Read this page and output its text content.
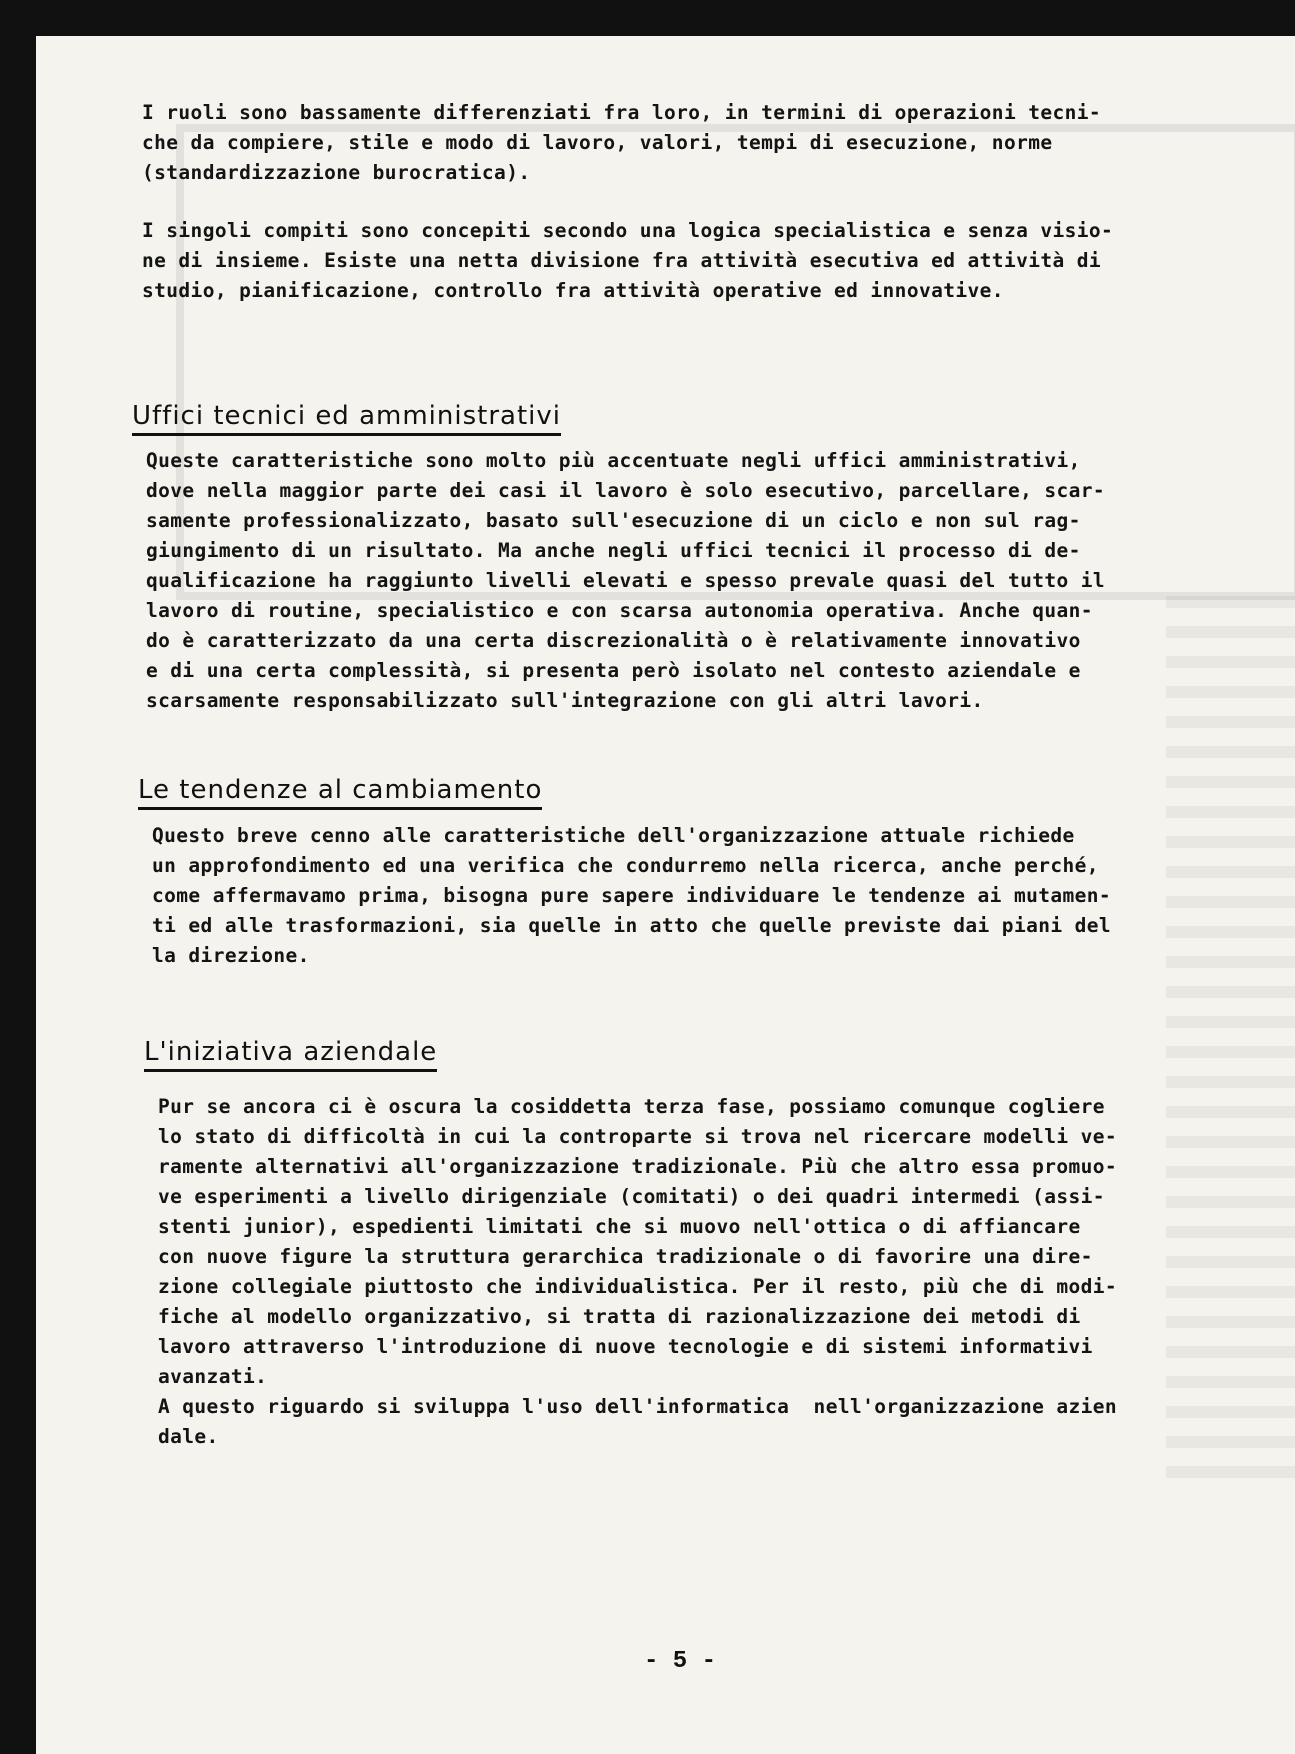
I ruoli sono bassamente differenziati fra loro, in termini di operazioni tecni-
che da compiere, stile e modo di lavoro, valori, tempi di esecuzione, norme
(standardizzazione burocratica).
I singoli compiti sono concepiti secondo una logica specialistica e senza visio-
ne di insieme. Esiste una netta divisione fra attività esecutiva ed attività di
studio, pianificazione, controllo fra attività operative ed innovative.
Uffici tecnici ed amministrativi
Queste caratteristiche sono molto più accentuate negli uffici amministrativi,
dove nella maggior parte dei casi il lavoro è solo esecutivo, parcellare, scar-
samente professionalizzato, basato sull'esecuzione di un ciclo e non sul rag-
giungimento di un risultato. Ma anche negli uffici tecnici il processo di de-
qualificazione ha raggiunto livelli elevati e spesso prevale quasi del tutto il
lavoro di routine, specialistico e con scarsa autonomia operativa. Anche quan-
do è caratterizzato da una certa discrezionalità o è relativamente innovativo
e di una certa complessità, si presenta però isolato nel contesto aziendale e
scarsamente responsabilizzato sull'integrazione con gli altri lavori.
Le tendenze al cambiamento
Questo breve cenno alle caratteristiche dell'organizzazione attuale richiede
un approfondimento ed una verifica che condurremo nella ricerca, anche perché,
come affermavamo prima, bisogna pure sapere individuare le tendenze ai mutamen-
ti ed alle trasformazioni, sia quelle in atto che quelle previste dai piani del
la direzione.
L'iniziativa aziendale
Pur se ancora ci è oscura la cosiddetta terza fase, possiamo comunque cogliere
lo stato di difficoltà in cui la controparte si trova nel ricercare modelli ve-
ramente alternativi all'organizzazione tradizionale. Più che altro essa promuo-
ve esperimenti a livello dirigenziale (comitati) o dei quadri intermedi (assi-
stenti junior), espedienti limitati che si muovo nell'ottica o di affiancare
con nuove figure la struttura gerarchica tradizionale o di favorire una dire-
zione collegiale piuttosto che individualistica. Per il resto, più che di modi-
fiche al modello organizzativo, si tratta di razionalizzazione dei metodi di
lavoro attraverso l'introduzione di nuove tecnologie e di sistemi informativi
avanzati.
A questo riguardo si sviluppa l'uso dell'informatica  nell'organizzazione azien
dale.
- 5 -
